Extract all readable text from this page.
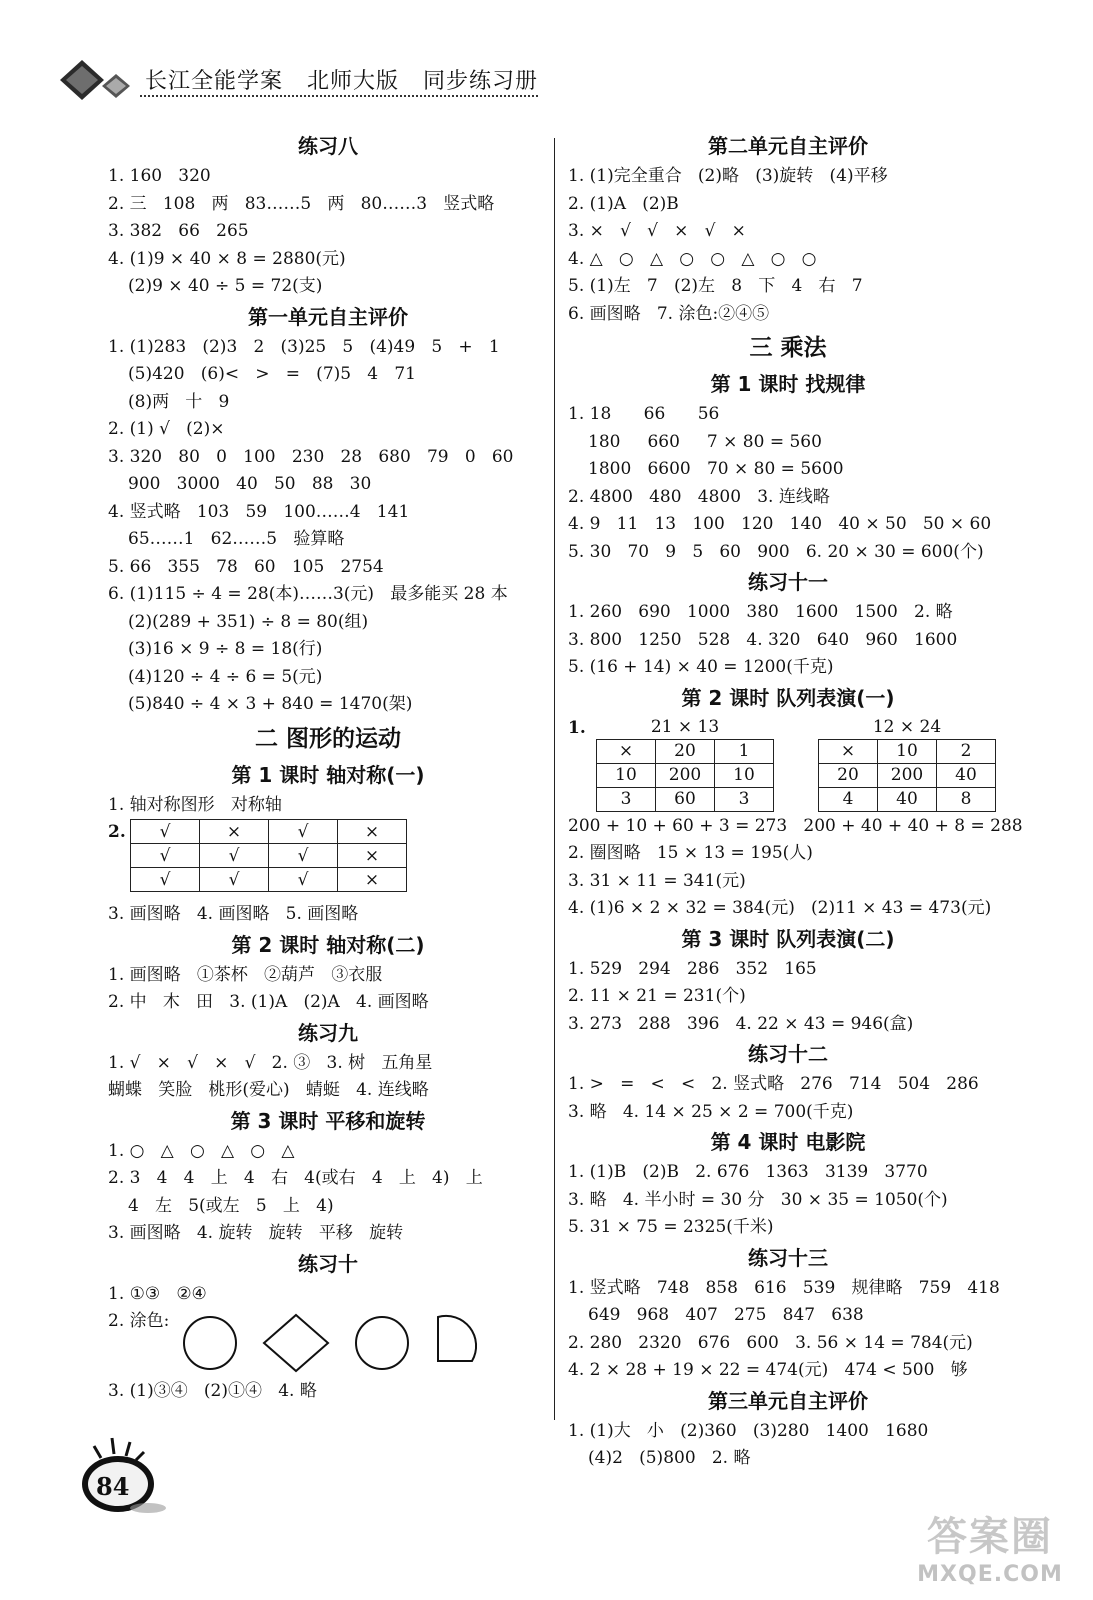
长江全能学案 北师大版 同步练习册
练习八
1. 160   320
2. 三   108   两   83……5   两   80……3   竖式略
3. 382   66   265
4. (1)9 × 40 × 8 = 2880(元)
(2)9 × 40 ÷ 5 = 72(支)
第一单元自主评价
1. (1)283   (2)3   2   (3)25   5   (4)49   5   +   1
(5)420   (6)<   >   =   (7)5   4   71
(8)两   十   9
2. (1) √   (2)×
3. 320   80   0   100   230   28   680   79   0   60
900   3000   40   50   88   30
4. 竖式略   103   59   100……4   141
65……1   62……5   验算略
5. 66   355   78   60   105   2754
6. (1)115 ÷ 4 = 28(本)……3(元)   最多能买 28 本
(2)(289 + 351) ÷ 8 = 80(组)
(3)16 × 9 ÷ 8 = 18(行)
(4)120 ÷ 4 ÷ 6 = 5(元)
(5)840 ÷ 4 × 3 + 840 = 1470(架)
二 图形的运动
第 1 课时 轴对称(一)
1. 轴对称图形   对称轴
2. √	×	√	×
√	√	√	×
√	√	√	×
3. 画图略   4. 画图略   5. 画图略
第 2 课时 轴对称(二)
1. 画图略   ①茶杯   ②葫芦   ③衣服
2. 中   木   田   3. (1)A   (2)A   4. 画图略
练习九
1. √   ×   √   ×   √   2. ③   3. 树   五角星
蝴蝶   笑脸   桃形(爱心)   蜻蜓   4. 连线略
第 3 课时 平移和旋转
1. ○   △   ○   △   ○   △
2. 3   4   4   上   4   右   4(或右   4   上   4)   上
4   左   5(或左   5   上   4)
3. 画图略   4. 旋转   旋转   平移   旋转
练习十
1. ①③   ②④
2. 涂色:
3. (1)③④   (2)①④   4. 略
第二单元自主评价
1. (1)完全重合   (2)略   (3)旋转   (4)平移
2. (1)A   (2)B
3. ×   √   √   ×   √   ×
4. △   ○   △   ○   ○   △   ○   ○
5. (1)左   7   (2)左   8   下   4   右   7
6. 画图略   7. 涂色:②④⑤
三 乘法
第 1 课时 找规律
1. 18      66      56
180     660     7 × 80 = 560
1800   6600   70 × 80 = 5600
2. 4800   480   4800   3. 连线略
4. 9   11   13   100   120   140   40 × 50   50 × 60
5. 30   70   9   5   60   900   6. 20 × 30 = 600(个)
练习十一
1. 260   690   1000   380   1600   1500   2. 略
3. 800   1250   528   4. 320   640   960   1600
5. (16 + 14) × 40 = 1200(千克)
第 2 课时 队列表演(一)
1.	21 × 13
×	20	1
10	200	10
3	60	3
12 × 24
×	10	2
20	200	40
4	40	8
200 + 10 + 60 + 3 = 273   200 + 40 + 40 + 8 = 288
2. 圈图略   15 × 13 = 195(人)
3. 31 × 11 = 341(元)
4. (1)6 × 2 × 32 = 384(元)   (2)11 × 43 = 473(元)
第 3 课时 队列表演(二)
1. 529   294   286   352   165
2. 11 × 21 = 231(个)
3. 273   288   396   4. 22 × 43 = 946(盒)
练习十二
1. >   =   <   <   2. 竖式略   276   714   504   286
3. 略   4. 14 × 25 × 2 = 700(千克)
第 4 课时 电影院
1. (1)B   (2)B   2. 676   1363   3139   3770
3. 略   4. 半小时 = 30 分   30 × 35 = 1050(个)
5. 31 × 75 = 2325(千米)
练习十三
1. 竖式略   748   858   616   539   规律略   759   418
649   968   407   275   847   638
2. 280   2320   676   600   3. 56 × 14 = 784(元)
4. 2 × 28 + 19 × 22 = 474(元)   474 < 500   够
第三单元自主评价
1. (1)大   小   (2)360   (3)280   1400   1680
(4)2   (5)800   2. 略
84
答案圈
MXQE.COM
